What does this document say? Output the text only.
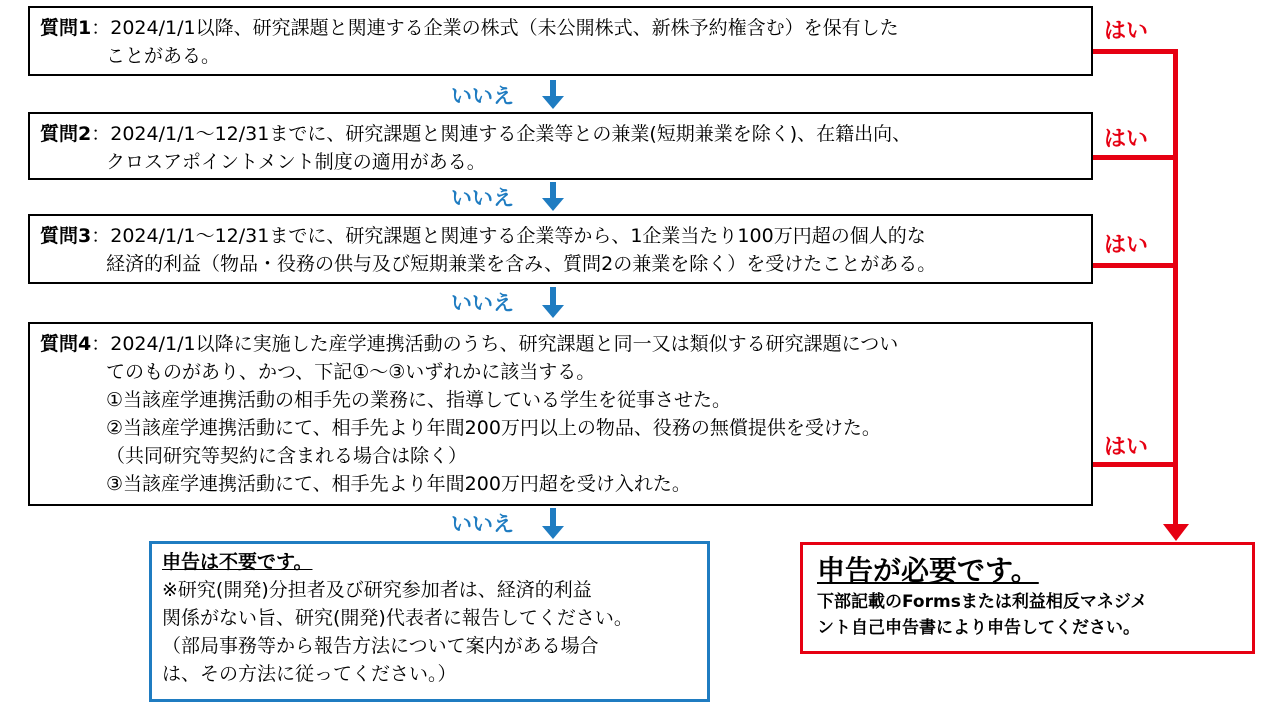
質問1：2024/1/1以降、研究課題と関連する企業の株式（未公開株式、新株予約権含む）を保有した
ことがある。
質問2：2024/1/1～12/31までに、研究課題と関連する企業等との兼業(短期兼業を除く)、在籍出向、
クロスアポイントメント制度の適用がある。
質問3：2024/1/1～12/31までに、研究課題と関連する企業等から、1企業当たり100万円超の個人的な
経済的利益（物品・役務の供与及び短期兼業を含み、質問2の兼業を除く）を受けたことがある。
質問4：2024/1/1以降に実施した産学連携活動のうち、研究課題と同一又は類似する研究課題につい
てのものがあり、かつ、下記①～③いずれかに該当する。
①当該産学連携活動の相手先の業務に、指導している学生を従事させた。
②当該産学連携活動にて、相手先より年間200万円以上の物品、役務の無償提供を受けた。
（共同研究等契約に含まれる場合は除く）
③当該産学連携活動にて、相手先より年間200万円超を受け入れた。
いいえ
いいえ
いいえ
いいえ
はい
はい
はい
はい
申告は不要です。
※研究(開発)分担者及び研究参加者は、経済的利益
関係がない旨、研究(開発)代表者に報告してください。
（部局事務等から報告方法について案内がある場合
は、その方法に従ってください。）
申告が必要です。
下部記載のFormsまたは利益相反マネジメ
ント自己申告書により申告してください。
